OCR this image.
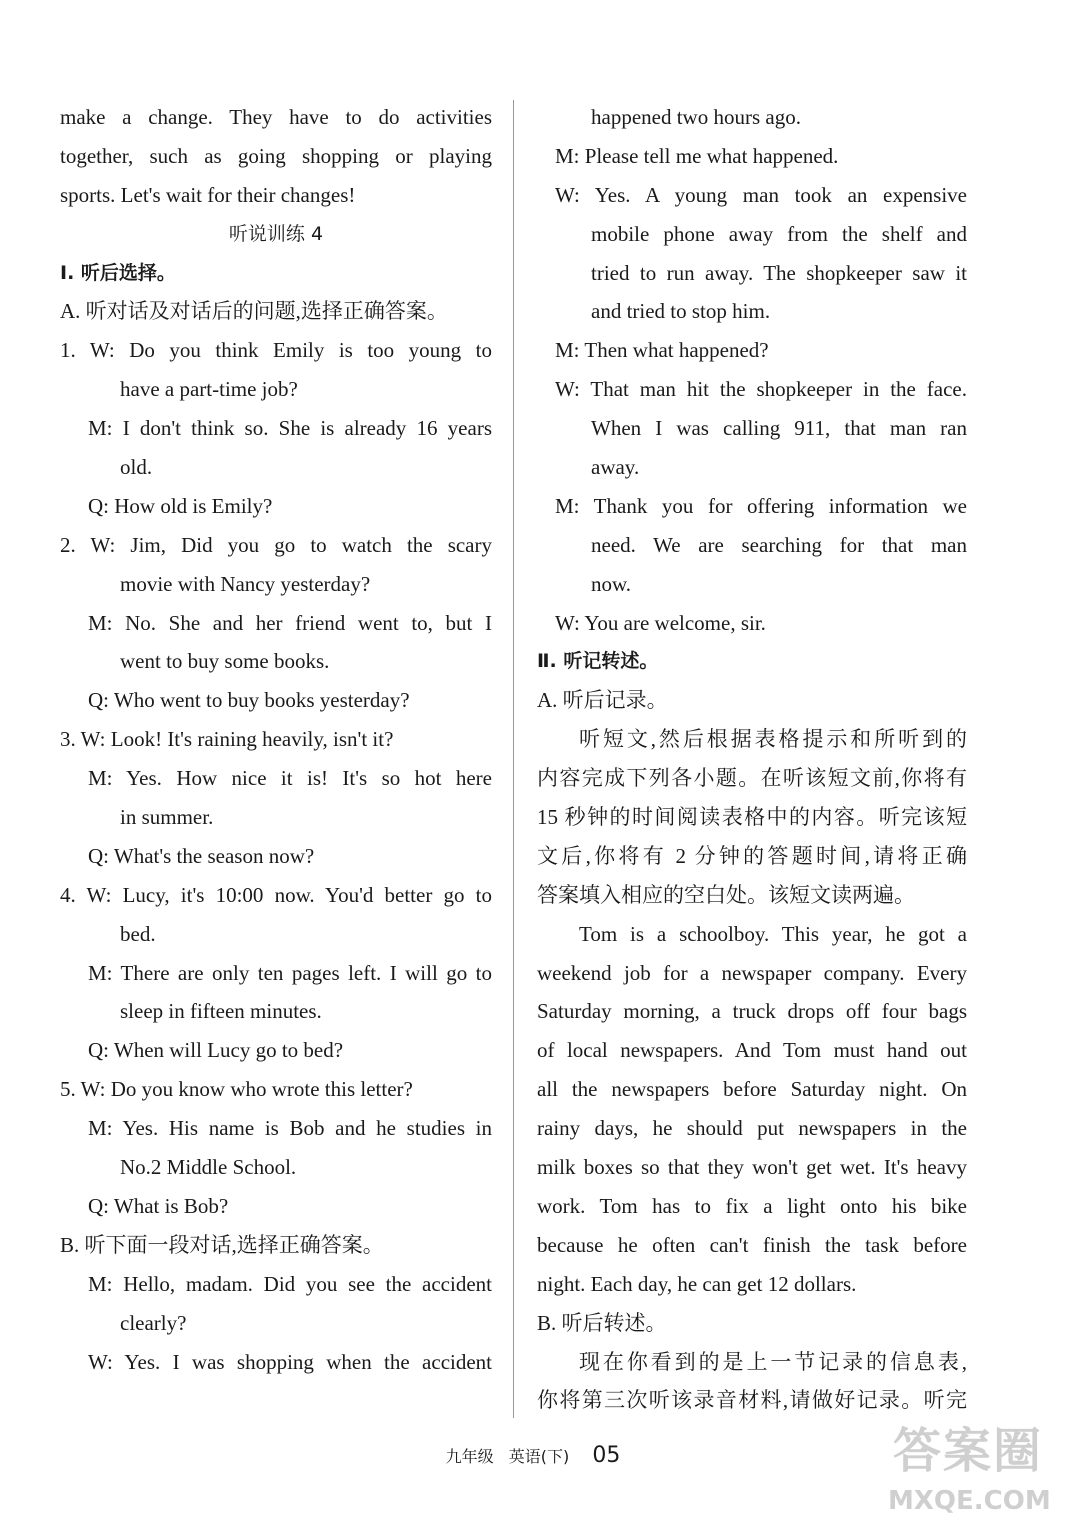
make a change. They have to do activities
together, such as going shopping or playing
sports. Let's wait for their changes!
听说训练 4
Ⅰ. 听后选择。
A. 听对话及对话后的问题,选择正确答案。
1. W: Do you think Emily is too young to
have a part-time job?
M: I don't think so. She is already 16 years
old.
Q: How old is Emily?
2. W: Jim, Did you go to watch the scary
movie with Nancy yesterday?
M: No. She and her friend went to, but I
went to buy some books.
Q: Who went to buy books yesterday?
3. W: Look! It's raining heavily, isn't it?
M: Yes. How nice it is! It's so hot here
in summer.
Q: What's the season now?
4. W: Lucy, it's 10:00 now. You'd better go to
bed.
M: There are only ten pages left. I will go to
sleep in fifteen minutes.
Q: When will Lucy go to bed?
5. W: Do you know who wrote this letter?
M: Yes. His name is Bob and he studies in
No.2 Middle School.
Q: What is Bob?
B. 听下面一段对话,选择正确答案。
M: Hello, madam. Did you see the accident
clearly?
W: Yes. I was shopping when the accident
happened two hours ago.
M: Please tell me what happened.
W: Yes. A young man took an expensive
mobile phone away from the shelf and
tried to run away. The shopkeeper saw it
and tried to stop him.
M: Then what happened?
W: That man hit the shopkeeper in the face.
When I was calling 911, that man ran
away.
M: Thank you for offering information we
need. We are searching for that man
now.
W: You are welcome, sir.
Ⅱ. 听记转述。
A. 听后记录。
听短文,然后根据表格提示和所听到的
内容完成下列各小题。在听该短文前,你将有
15 秒钟的时间阅读表格中的内容。听完该短
文后,你将有 2 分钟的答题时间,请将正确
答案填入相应的空白处。该短文读两遍。
Tom is a schoolboy. This year, he got a
weekend job for a newspaper company. Every
Saturday morning, a truck drops off four bags
of local newspapers. And Tom must hand out
all the newspapers before Saturday night. On
rainy days, he should put newspapers in the
milk boxes so that they won't get wet. It's heavy
work. Tom has to fix a light onto his bike
because he often can't finish the task before
night. Each day, he can get 12 dollars.
B. 听后转述。
现在你看到的是上一节记录的信息表,
你将第三次听该录音材料,请做好记录。听完
九年级 英语(下) 05	答案圈
MXQE.COM
